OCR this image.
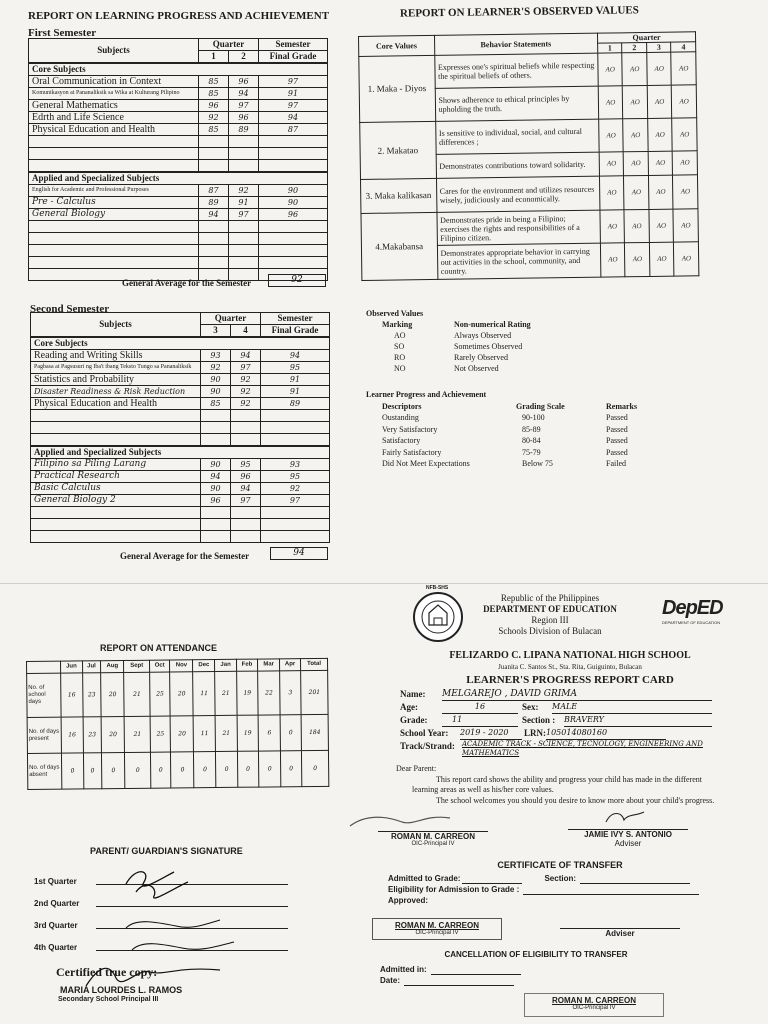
REPORT ON LEARNING PROGRESS AND ACHIEVEMENT
First Semester
Subjects	Quarter		Semester
	1	2	Final Grade
Core Subjects			
Oral Communication in Context	85	96	97
Komunikasyon at Pananaliksik sa Wika at Kulturang Pilipino	85	94	91
General Mathematics	96	97	97
Edrth and Life Science	92	96	94
Physical Education and Health	85	89	87

Applied and Specialized Subjects			
English for Academic and Professional Purposes	87	92	90
Pre - Calculus	89	91	90
General Biology	94	97	96

General Average for the Semester	92
Second Semester
Subjects	Quarter		Semester
	3	4	Final Grade
Core Subjects			
Reading and Writing Skills	93	94	94
Pagbasa at Pagsusuri ng Iba't ibang Teksto Tungo sa Pananaliksik	92	97	95
Statistics and Probability	90	92	91
Disaster Readiness & Risk Reduction	90	92	91
Physical Education and Health	85	92	89

Applied and Specialized Subjects			
Filipino sa Piling Larang	90	95	93
Practical Research	94	96	95
Basic Calculus	90	94	92
General Biology 2	96	97	97

General Average for the Semester	94
REPORT ON LEARNER'S OBSERVED VALUES
Core Values	Behavior Statements	Quarter			
		1	2	3	4
1. Maka - Diyos	Expresses one's spiritual beliefs while respecting the spiritual beliefs of others.	AO	AO	AO	AO
	Shows adherence to ethical principles by upholding the truth.	AO	AO	AO	AO
2. Makatao	Is sensitive to individual, social, and cultural differences ;	AO	AO	AO	AO
	Demonstrates contributions toward solidarity.	AO	AO	AO	AO
3. Maka kalikasan	Cares for the environment and utilizes resources wisely, judiciously and economically.	AO	AO	AO	AO
4.Makabansa	Demonstrates pride in being a Filipino; exercises the rights and responsibilities of a Filipino citizen.	AO	AO	AO	AO
	Demonstrates appropriate behavior in carrying out activities in the school, community, and country.	AO	AO	AO	AO
Observed Values
Marking	Non-numerical Rating
AO	Always Observed
SO	Sometimes Observed
RO	Rarely Observed
NO	Not Observed
Learner Progress and Achievement
Descriptors	Grading Scale	Remarks
Oustanding	90-100	Passed
Very Satisfactory	85-89	Passed
Satisfactory	80-84	Passed
Fairly Satisfactory	75-79	Passed
Did Not Meet Expectations	Below 75	Failed
REPORT ON ATTENDANCE
	Jun	Jul	Aug	Sept	Oct	Nov	Dec	Jan	Feb	Mar	Apr	Total
No. of school days	16	23	20	21	25	20	11	21	19	22	3	201
No. of days present	16	23	20	21	25	20	11	21	19	6	0	184
No. of days absent	0	0	0	0	0	0	0	0	0	0	0	0
PARENT/ GUARDIAN'S SIGNATURE
1st Quarter
2nd Quarter
3rd Quarter
4th Quarter
Certified true copy:
MARIA LOURDES L. RAMOS
Secondary School Principal III
NFB-SHS
Republic of the Philippines
DEPARTMENT OF EDUCATION
Region III
Schools Division of Bulacan
DepED
DEPARTMENT OF EDUCATION
FELIZARDO C. LIPANA NATIONAL HIGH SCHOOL
Juanita C. Santos St., Sta. Rita, Guiguinto, Bulacan
LEARNER'S PROGRESS REPORT CARD
Name:	MELGAREJO , DAVID GRIMA
Age:	16	Sex:	MALE
Grade:	11	Section :	BRAVERY
School Year:	2019 - 2020	LRN: 105014080160
Track/Strand:	ACADEMIC TRACK - SCIENCE, TECNOLOGY, ENGINEERING AND MATHEMATICS
Dear Parent:
This report card shows the ability and progress your child has made in the different learning areas as well as his/her core values.
The school welcomes you should you desire to know more about your child's progress.
ROMAN M. CARREON
OIC-Principal IV
JAMIE IVY S. ANTONIO
Adviser
CERTIFICATE OF TRANSFER
Admitted to Grade:	Section:
Eligibility for Admission to Grade :
Approved:
ROMAN M. CARREON
OIC-Principal IV	Adviser
CANCELLATION OF ELIGIBILITY TO TRANSFER
Admitted in:
Date:
ROMAN M. CARREON
OIC-Principal IV
